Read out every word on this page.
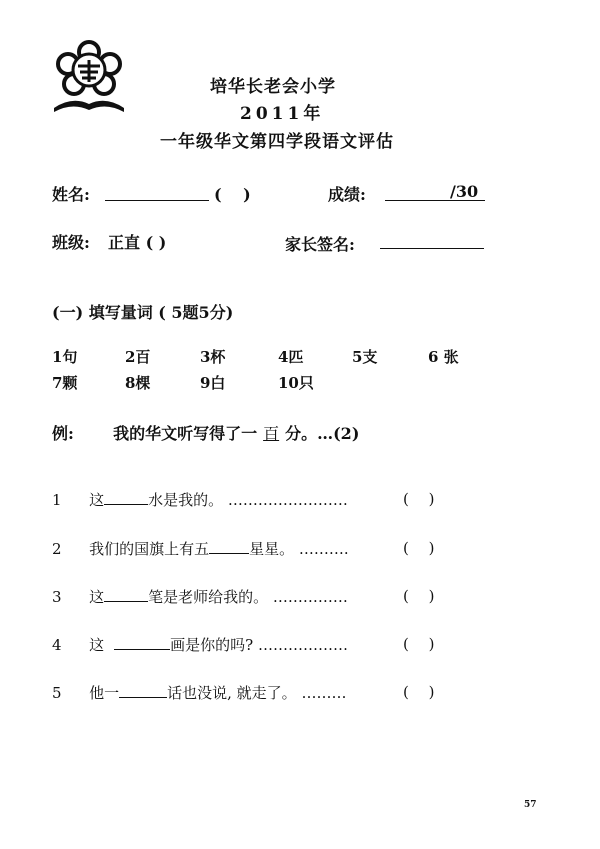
培华长老会小学
2011年
一年级华文第四学段语文评估
姓名:	(　 )	成绩:	/30
班级: 正直 ( )	家长签名:
(一) 填写量词 ( 5题5分)
1句	2百	3杯	4匹	5支	6 张
7颗	8棵	9白	10只
例: 我的华文听写得了一 百 分。…(2)
1 这	水是我的。 ……………………	(　 )
2 我们的国旗上有五	星星。 ……….	(　 )
3 这	笔是老师给我的。 ……………	(　 )
4 这	画是你的吗? ………………	(　 )
5 他一	话也没说, 就走了。 ………	(　 )
57
